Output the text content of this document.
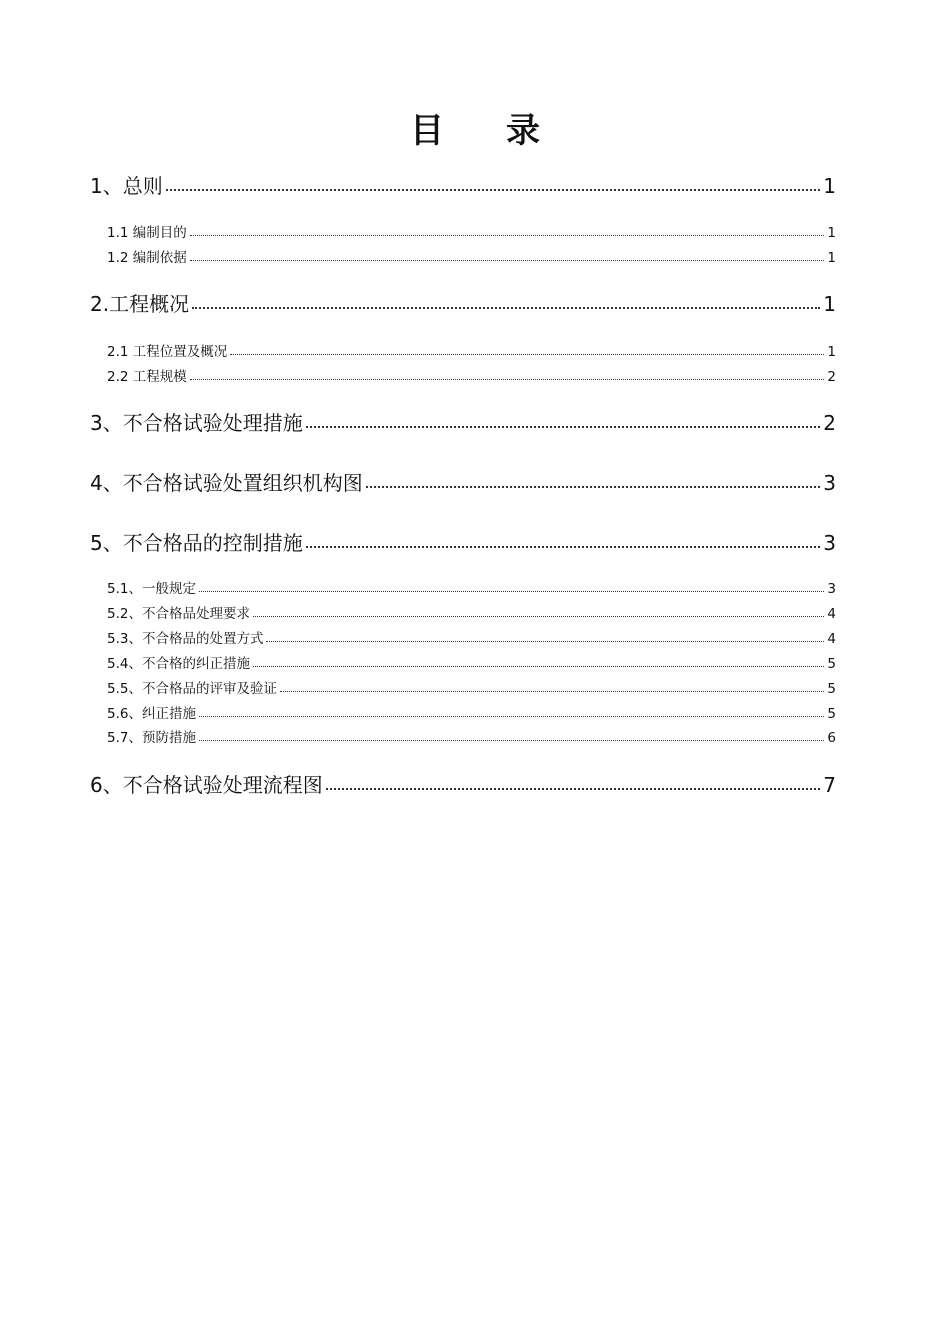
目录
1、总则	1
1.1 编制目的	1
1.2 编制依据	1
2.工程概况	1
2.1 工程位置及概况	1
2.2 工程规模	2
3、不合格试验处理措施	2
4、不合格试验处置组织机构图	3
5、不合格品的控制措施	3
5.1、一般规定	3
5.2、不合格品处理要求	4
5.3、不合格品的处置方式	4
5.4、不合格的纠正措施	5
5.5、不合格品的评审及验证	5
5.6、纠正措施	5
5.7、预防措施	6
6、不合格试验处理流程图	7
